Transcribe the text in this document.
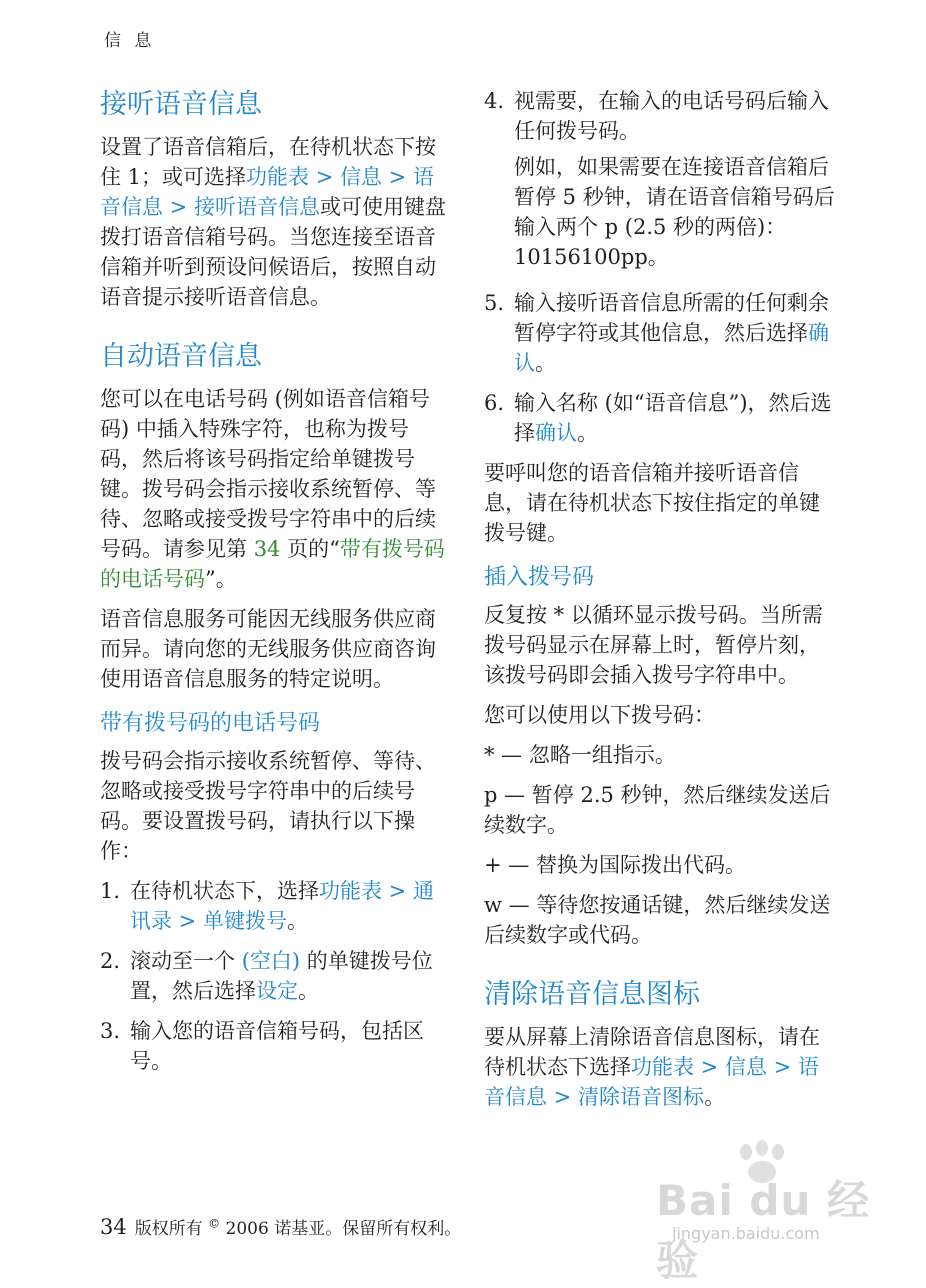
信 息
接听语音信息

设置了语音信箱后，在待机状态下按住 1；或可选择功能表 > 信息 > 语音信息 > 接听语音信息或可使用键盘拨打语音信箱号码。当您连接至语音信箱并听到预设问候语后，按照自动语音提示接听语音信息。

自动语音信息

您可以在电话号码 (例如语音信箱号码) 中插入特殊字符，也称为拨号码，然后将该号码指定给单键拨号键。拨号码会指示接收系统暂停、等待、忽略或接受拨号字符串中的后续号码。请参见第 34 页的“带有拨号码的电话号码”。

语音信息服务可能因无线服务供应商而异。请向您的无线服务供应商咨询使用语音信息服务的特定说明。

带有拨号码的电话号码

拨号码会指示接收系统暂停、等待、忽略或接受拨号字符串中的后续号码。要设置拨号码，请执行以下操作：

1. 在待机状态下，选择功能表 > 通讯录 > 单键拨号。
2. 滚动至一个 (空白) 的单键拨号位置，然后选择设定。
3. 输入您的语音信箱号码，包括区号。
4. 视需要，在输入的电话号码后输入任何拨号码。

例如，如果需要在连接语音信箱后暂停 5 秒钟，请在语音信箱号码后输入两个 p (2.5 秒的两倍)：10156100pp。

5. 输入接听语音信息所需的任何剩余暂停字符或其他信息，然后选择确认。
6. 输入名称 (如“语音信息”)，然后选择确认。

要呼叫您的语音信箱并接听语音信息，请在待机状态下按住指定的单键拨号键。

插入拨号码

反复按 * 以循环显示拨号码。当所需拨号码显示在屏幕上时，暂停片刻，该拨号码即会插入拨号字符串中。

您可以使用以下拨号码：

* — 忽略一组指示。

p — 暂停 2.5 秒钟，然后继续发送后续数字。

+ — 替换为国际拨出代码。

w — 等待您按通话键，然后继续发送后续数字或代码。

清除语音信息图标

要从屏幕上清除语音信息图标，请在待机状态下选择功能表 > 信息 > 语音信息 > 清除语音图标。

34 版权所有 © 2006 诺基亚。保留所有权利。
Bai du 经验
jingyan.baidu.com
